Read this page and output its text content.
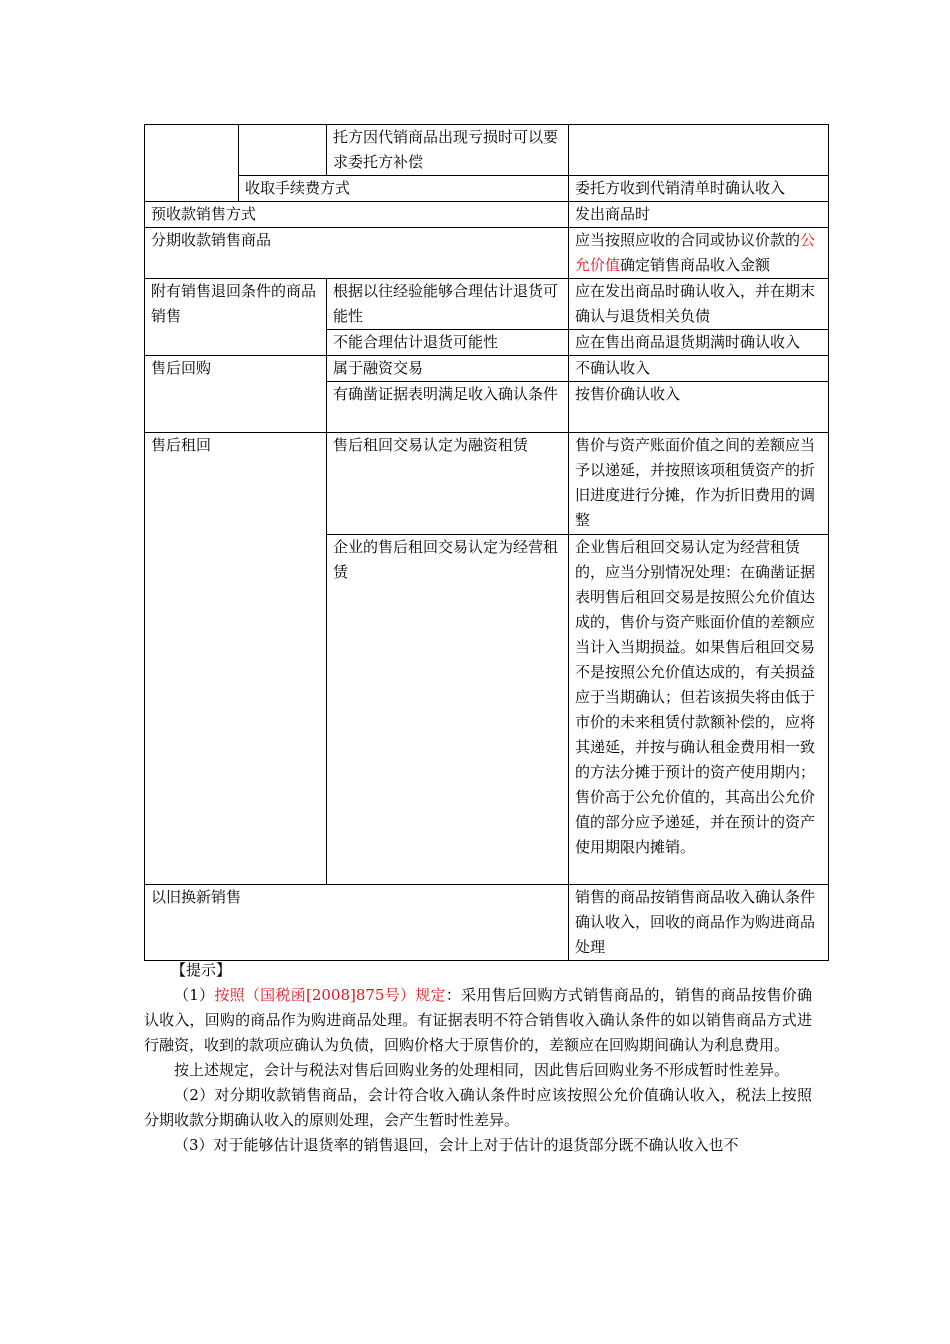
		托方因代销商品出现亏损时可以要求委托方补偿	
	收取手续费方式		委托方收到代销清单时确认收入
预收款销售方式			发出商品时
分期收款销售商品			应当按照应收的合同或协议价款的公允价值确定销售商品收入金额
附有销售退回条件的商品销售		根据以往经验能够合理估计退货可能性	应在发出商品时确认收入，并在期末确认与退货相关负债
		不能合理估计退货可能性	应在售出商品退货期满时确认收入
售后回购		属于融资交易	不确认收入
		有确凿证据表明满足收入确认条件	按售价确认收入
售后租回		售后租回交易认定为融资租赁	售价与资产账面价值之间的差额应当予以递延，并按照该项租赁资产的折旧进度进行分摊，作为折旧费用的调整
		企业的售后租回交易认定为经营租赁	企业售后租回交易认定为经营租赁的，应当分别情况处理：在确凿证据表明售后租回交易是按照公允价值达成的，售价与资产账面价值的差额应当计入当期损益。如果售后租回交易不是按照公允价值达成的，有关损益应于当期确认；但若该损失将由低于市价的未来租赁付款额补偿的，应将其递延，并按与确认租金费用相一致的方法分摊于预计的资产使用期内；售价高于公允价值的，其高出公允价值的部分应予递延，并在预计的资产使用期限内摊销。
以旧换新销售			销售的商品按销售商品收入确认条件确认收入，回收的商品作为购进商品处理

【提示】

（1）按照（国税函[2008]875号）规定：采用售后回购方式销售商品的，销售的商品按售价确认收入，回购的商品作为购进商品处理。有证据表明不符合销售收入确认条件的如以销售商品方式进行融资，收到的款项应确认为负债，回购价格大于原售价的，差额应在回购期间确认为利息费用。

按上述规定，会计与税法对售后回购业务的处理相同，因此售后回购业务不形成暂时性差异。

（2）对分期收款销售商品，会计符合收入确认条件时应该按照公允价值确认收入，税法上按照分期收款分期确认收入的原则处理，会产生暂时性差异。

（3）对于能够估计退货率的销售退回，会计上对于估计的退货部分既不确认收入也不
